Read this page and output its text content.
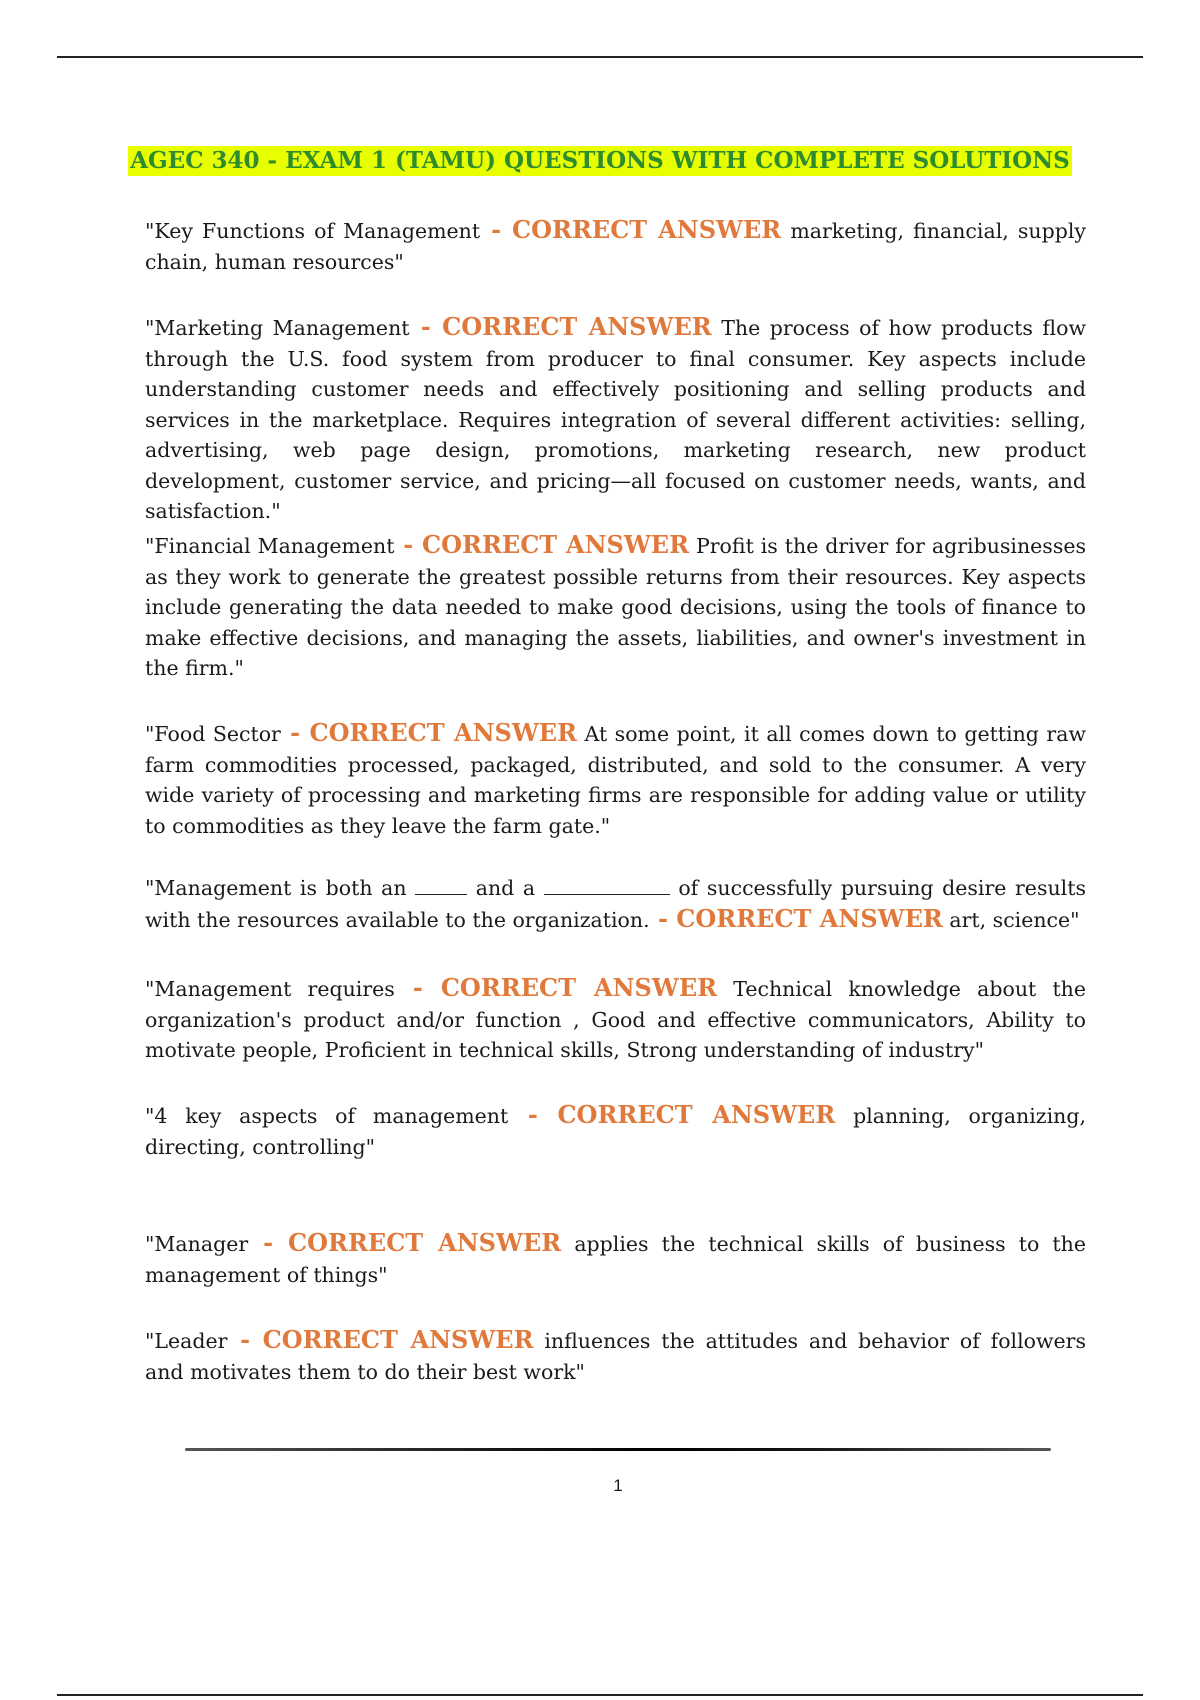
AGEC 340 - EXAM 1 (TAMU) QUESTIONS WITH COMPLETE SOLUTIONS

"Key Functions of Management - CORRECT ANSWER marketing, financial, supply chain, human resources"

"Marketing Management - CORRECT ANSWER The process of how products flow through the U.S. food system from producer to final consumer. Key aspects include understanding customer needs and effectively positioning and selling products and services in the marketplace. Requires integration of several different activities: selling, advertising, web page design, promotions, marketing research, new product development, customer service, and pricing—all focused on customer needs, wants, and satisfaction."

"Financial Management - CORRECT ANSWER Profit is the driver for agribusinesses as they work to generate the greatest possible returns from their resources. Key aspects include generating the data needed to make good decisions, using the tools of finance to make effective decisions, and managing the assets, liabilities, and owner's investment in the firm."

"Food Sector - CORRECT ANSWER At some point, it all comes down to getting raw farm commodities processed, packaged, distributed, and sold to the consumer. A very wide variety of processing and marketing firms are responsible for adding value or utility to commodities as they leave the farm gate."

"Management is both an	and a	of successfully pursuing desire results with the resources available to the organization. - CORRECT ANSWER art, science"

"Management requires - CORRECT ANSWER Technical knowledge about the organization's product and/or function , Good and effective communicators, Ability to motivate people, Proficient in technical skills, Strong understanding of industry"

"4 key aspects of management - CORRECT ANSWER planning, organizing, directing, controlling"

"Manager - CORRECT ANSWER applies the technical skills of business to the management of things"

"Leader - CORRECT ANSWER influences the attitudes and behavior of followers and motivates them to do their best work"

1
